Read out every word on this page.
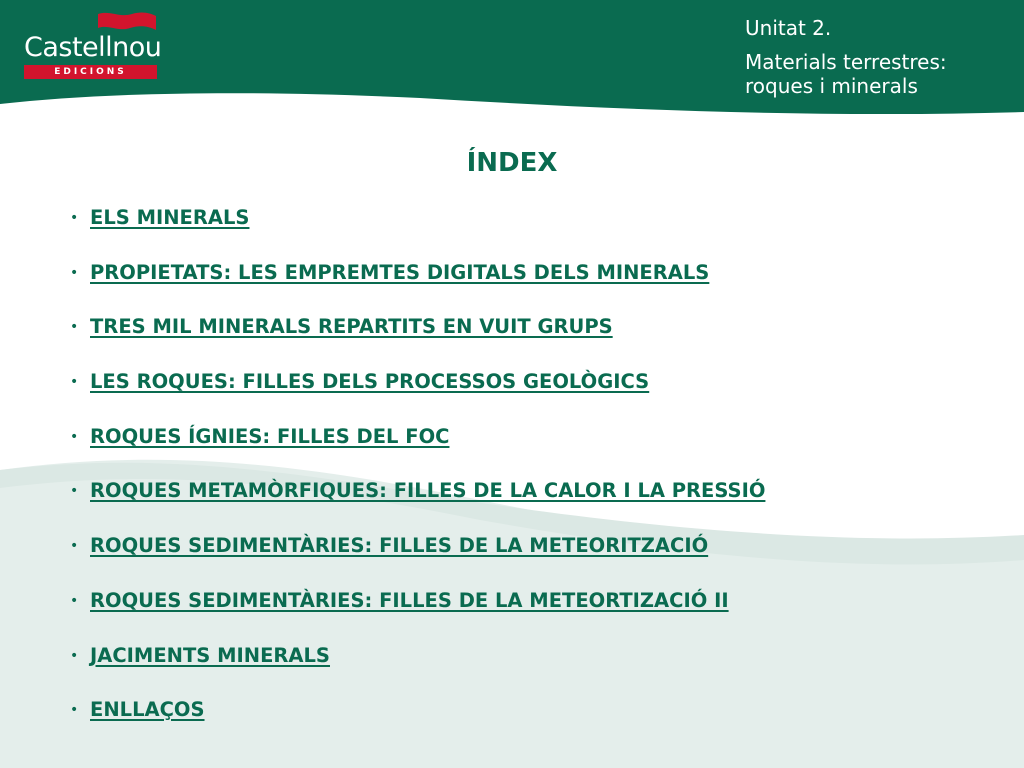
Castellnou
EDICIONS
Unitat 2.
Materials terrestres:
roques i minerals
ÍNDEX
• ELS MINERALS
• PROPIETATS: LES EMPREMTES DIGITALS DELS MINERALS
• TRES MIL MINERALS REPARTITS EN VUIT GRUPS
• LES ROQUES: FILLES DELS PROCESSOS GEOLÒGICS
• ROQUES ÍGNIES: FILLES DEL FOC
• ROQUES METAMÒRFIQUES: FILLES DE LA CALOR I LA PRESSIÓ
• ROQUES SEDIMENTÀRIES: FILLES DE LA METEORITZACIÓ
• ROQUES SEDIMENTÀRIES: FILLES DE LA METEORTIZACIÓ II
• JACIMENTS MINERALS
• ENLLAÇOS
